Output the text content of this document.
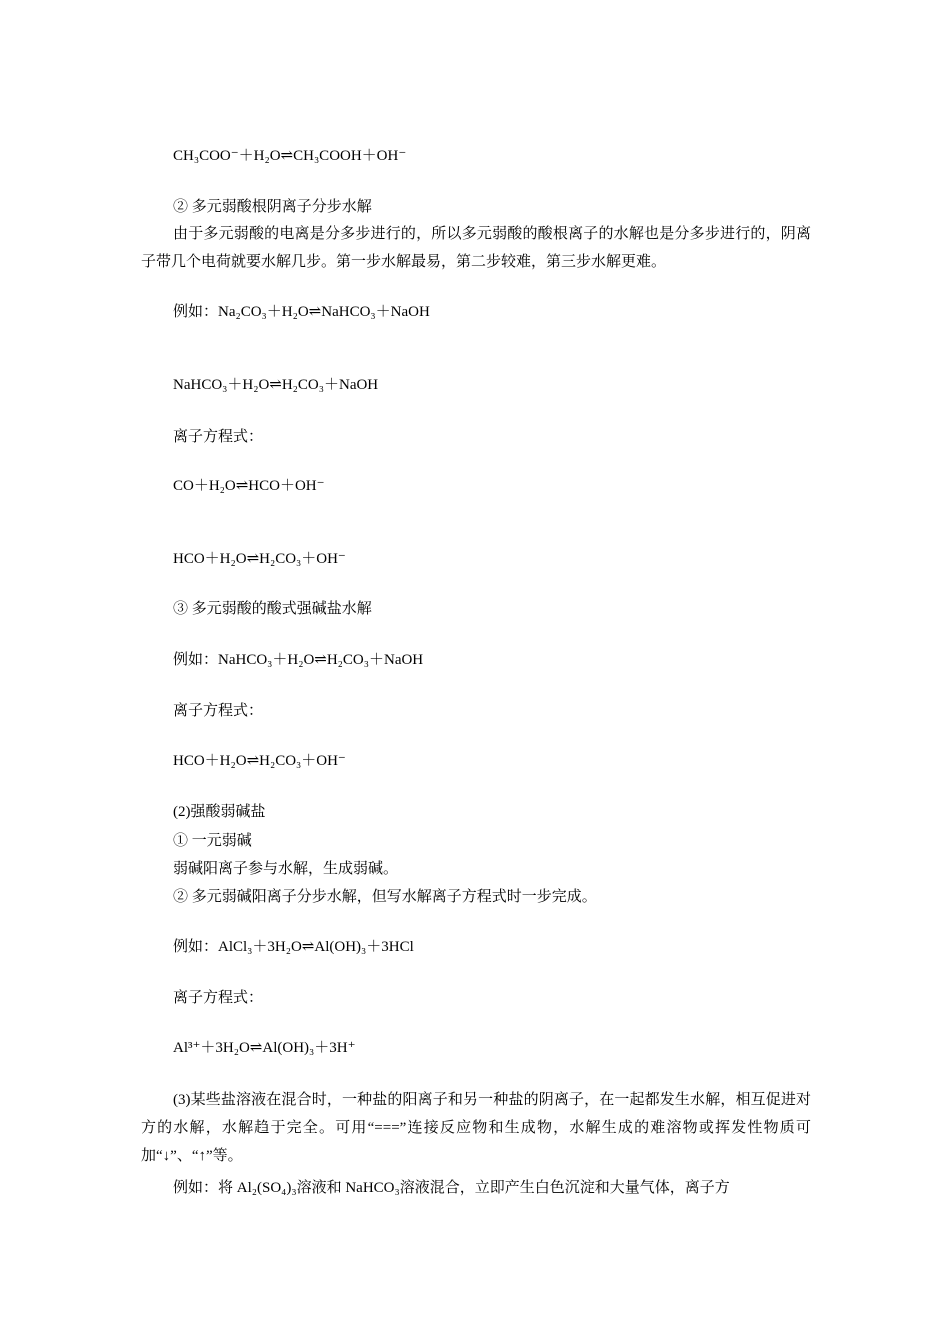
CH₃COO⁻＋H₂O⇌CH₃COOH＋OH⁻
② 多元弱酸根阴离子分步水解
由于多元弱酸的电离是分多步进行的，所以多元弱酸的酸根离子的水解也是分多步进行的，阴离子带几个电荷就要水解几步。第一步水解最易，第二步较难，第三步水解更难。
例如：Na₂CO₃＋H₂O⇌NaHCO₃＋NaOH
NaHCO₃＋H₂O⇌H₂CO₃＋NaOH
离子方程式：
CO＋H₂O⇌HCO＋OH⁻
HCO＋H₂O⇌H₂CO₃＋OH⁻
③ 多元弱酸的酸式强碱盐水解
例如：NaHCO₃＋H₂O⇌H₂CO₃＋NaOH
离子方程式：
HCO＋H₂O⇌H₂CO₃＋OH⁻
(2)强酸弱碱盐
① 一元弱碱
弱碱阳离子参与水解，生成弱碱。
② 多元弱碱阳离子分步水解，但写水解离子方程式时一步完成。
例如：AlCl₃＋3H₂O⇌Al(OH)₃＋3HCl
离子方程式：
Al³⁺＋3H₂O⇌Al(OH)₃＋3H⁺
(3)某些盐溶液在混合时，一种盐的阳离子和另一种盐的阴离子，在一起都发生水解，相互促进对方的水解，水解趋于完全。可用“===”连接反应物和生成物，水解生成的难溶物或挥发性物质可加“↓”、“↑”等。
例如：将 Al₂(SO₄)₃溶液和 NaHCO₃溶液混合，立即产生白色沉淀和大量气体，离子方
